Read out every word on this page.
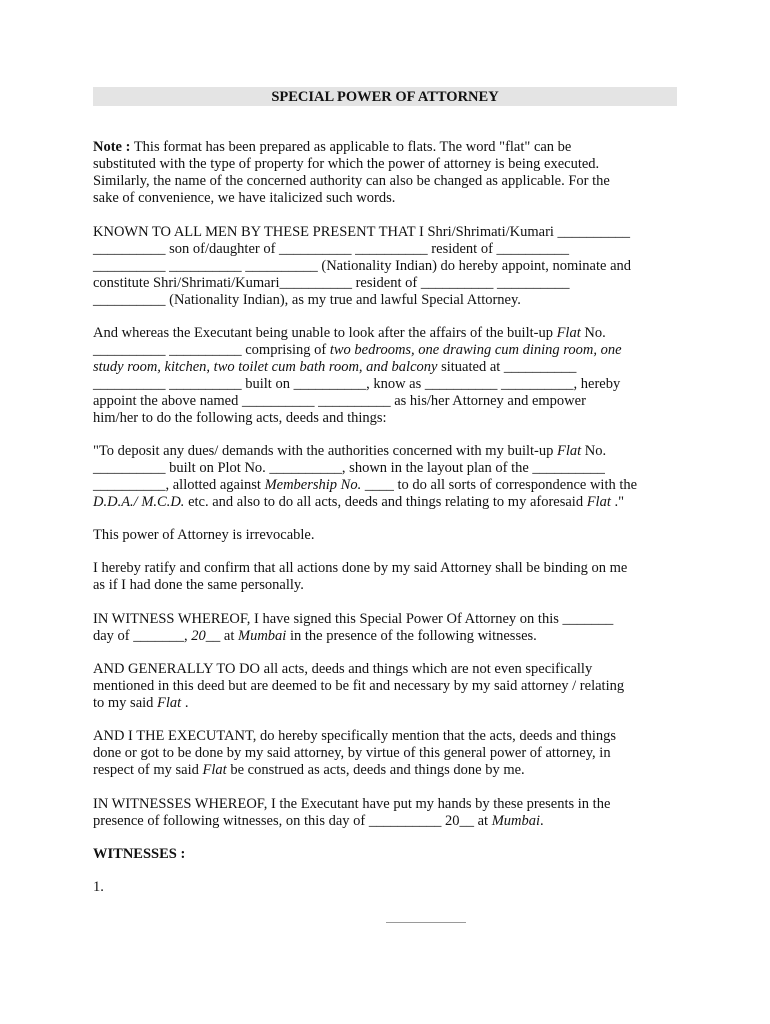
SPECIAL POWER OF ATTORNEY

Note : This format has been prepared as applicable to flats. The word "flat" can be
substituted with the type of property for which the power of attorney is being executed.
Similarly, the name of the concerned authority can also be changed as applicable. For the
sake of convenience, we have italicized such words.

KNOWN TO ALL MEN BY THESE PRESENT THAT I Shri/Shrimati/Kumari __________
__________ son of/daughter of __________ __________ resident of __________
__________ __________ __________ (Nationality Indian) do hereby appoint, nominate and
constitute Shri/Shrimati/Kumari__________ resident of __________ __________
__________ (Nationality Indian), as my true and lawful Special Attorney.

And whereas the Executant being unable to look after the affairs of the built-up Flat No.
__________ __________ comprising of two bedrooms, one drawing cum dining room, one
study room, kitchen, two toilet cum bath room, and balcony situated at __________
__________ __________ built on __________, know as __________ __________, hereby
appoint the above named __________ __________ as his/her Attorney and empower
him/her to do the following acts, deeds and things:

"To deposit any dues/ demands with the authorities concerned with my built-up Flat No.
__________ built on Plot No. __________, shown in the layout plan of the __________
__________, allotted against Membership No. ____ to do all sorts of correspondence with the
D.D.A./ M.C.D. etc. and also to do all acts, deeds and things relating to my aforesaid Flat ."

This power of Attorney is irrevocable.

I hereby ratify and confirm that all actions done by my said Attorney shall be binding on me
as if I had done the same personally.

IN WITNESS WHEREOF, I have signed this Special Power Of Attorney on this _______
day of _______, 20__ at Mumbai in the presence of the following witnesses.

AND GENERALLY TO DO all acts, deeds and things which are not even specifically
mentioned in this deed but are deemed to be fit and necessary by my said attorney / relating
to my said Flat .

AND I THE EXECUTANT, do hereby specifically mention that the acts, deeds and things
done or got to be done by my said attorney, by virtue of this general power of attorney, in
respect of my said Flat be construed as acts, deeds and things done by me.

IN WITNESSES WHEREOF, I the Executant have put my hands by these presents in the
presence of following witnesses, on this day of __________ 20__ at Mumbai.

WITNESSES :

1.
